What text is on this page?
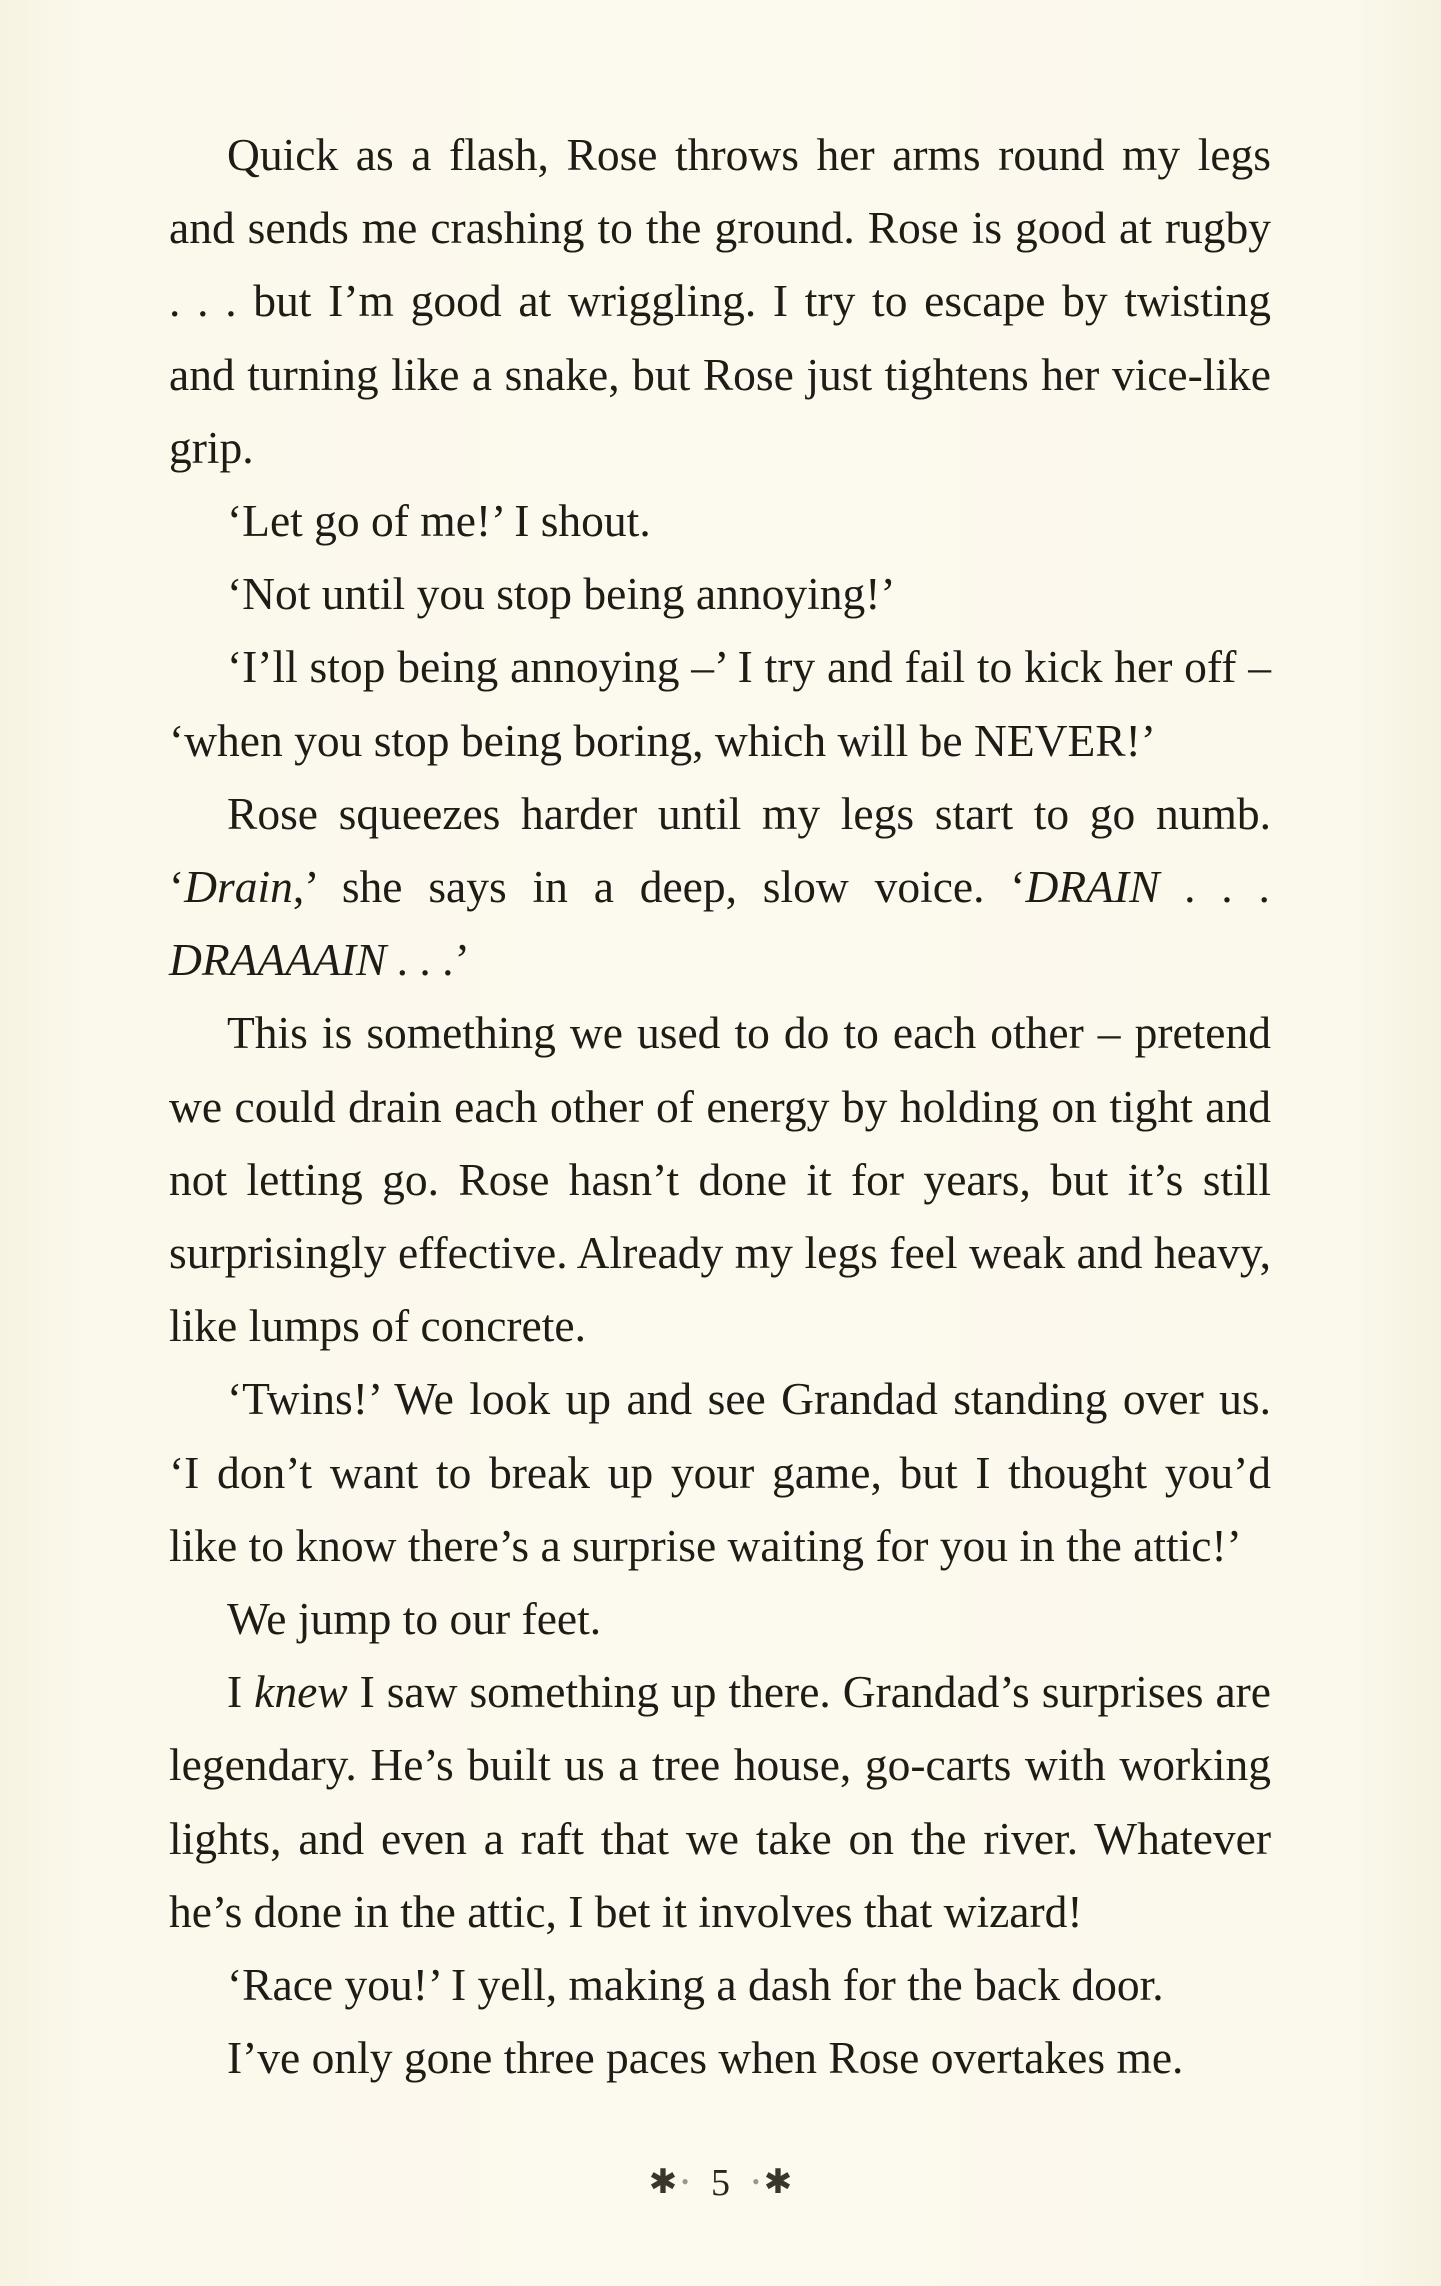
Quick as a flash, Rose throws her arms round my legs and sends me crashing to the ground. Rose is good at rugby . . . but I’m good at wriggling. I try to escape by twisting and turning like a snake, but Rose just tightens her vice-like grip.

‘Let go of me!’ I shout.

‘Not until you stop being annoying!’

‘I’ll stop being annoying –’ I try and fail to kick her off – ‘when you stop being boring, which will be NEVER!’

Rose squeezes harder until my legs start to go numb. ‘Drain,’ she says in a deep, slow voice. ‘DRAIN . . . DRAAAAIN . . .’

This is something we used to do to each other – pretend we could drain each other of energy by holding on tight and not letting go. Rose hasn’t done it for years, but it’s still surprisingly effective. Already my legs feel weak and heavy, like lumps of concrete.

‘Twins!’ We look up and see Grandad standing over us. ‘I don’t want to break up your game, but I thought you’d like to know there’s a surprise waiting for you in the attic!’

We jump to our feet.

I knew I saw something up there. Grandad’s surprises are legendary. He’s built us a tree house, go-carts with working lights, and even a raft that we take on the river. Whatever he’s done in the attic, I bet it involves that wizard!

‘Race you!’ I yell, making a dash for the back door.

I’ve only gone three paces when Rose overtakes me.

✱ • 5 • ✱
